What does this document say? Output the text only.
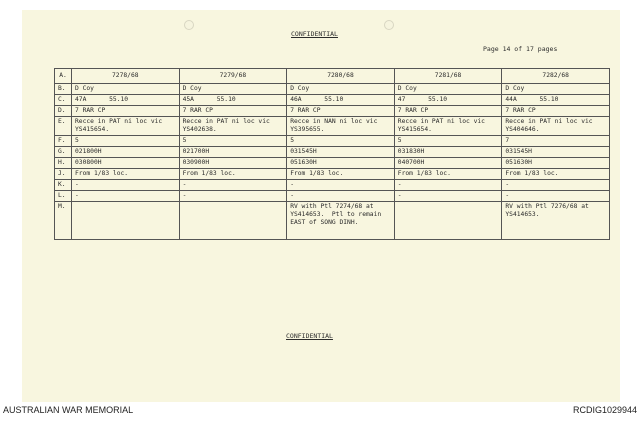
CONFIDENTIAL
Page 14 of 17 pages
A.	7278/68	7279/68	7280/68	7281/68	7282/68
B.	D Coy	D Coy	D Coy	D Coy	D Coy
C.	47A      55.10	45A      55.10	46A      55.10	47      55.10	44A      55.10
D.	7 RAR CP	7 RAR CP	7 RAR CP	7 RAR CP	7 RAR CP
E.	Recce in PAT ni loc vic YS415654.	Recce in PAT ni loc vic YS402638.	Recce in NAN ni loc vic YS395655.	Recce in PAT ni loc vic YS415654.	Recce in PAT ni loc vic YS404646.
F.	5	5	5	5	7
G.	021800H	021700H	031545H	031830H	031545H
H.	030800H	030900H	051630H	040700H	051630H
J.	From 1/83 loc.	From 1/83 loc.	From 1/83 loc.	From 1/83 loc.	From 1/83 loc.
K.	-	-	-	-	-
L.	-	-	-	-	-
M.			RV with Ptl 7274/68 at YS414653.  Ptl to remain EAST of SONG DINH.		RV with Ptl 7276/68 at YS414653.
CONFIDENTIAL
AUSTRALIAN WAR MEMORIAL	RCDIG1029944
